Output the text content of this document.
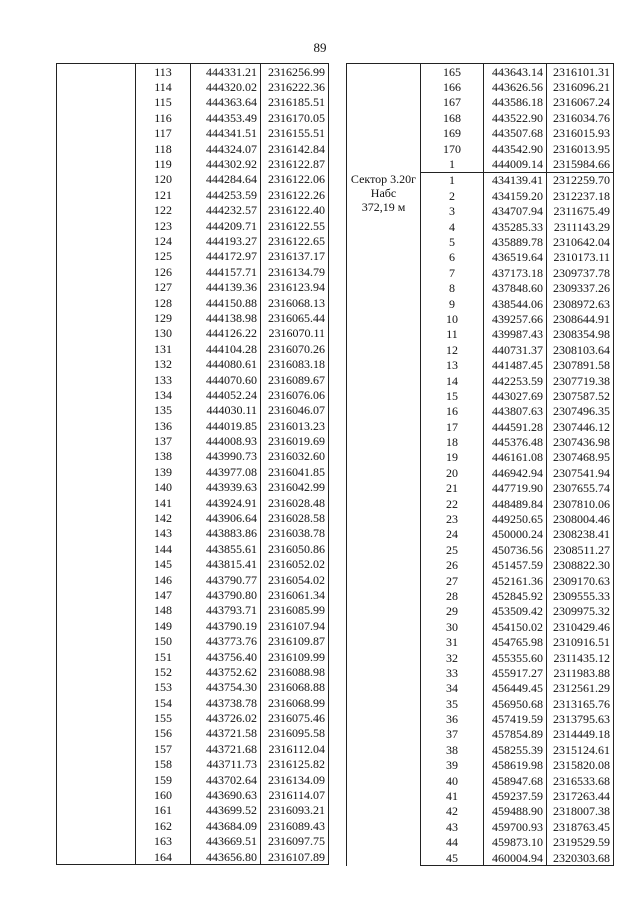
89
	113	444331.21	2316256.99
	114	444320.02	2316222.36
	115	444363.64	2316185.51
	116	444353.49	2316170.05
	117	444341.51	2316155.51
	118	444324.07	2316142.84
	119	444302.92	2316122.87
	120	444284.64	2316122.06
	121	444253.59	2316122.26
	122	444232.57	2316122.40
	123	444209.71	2316122.55
	124	444193.27	2316122.65
	125	444172.97	2316137.17
	126	444157.71	2316134.79
	127	444139.36	2316123.94
	128	444150.88	2316068.13
	129	444138.98	2316065.44
	130	444126.22	2316070.11
	131	444104.28	2316070.26
	132	444080.61	2316083.18
	133	444070.60	2316089.67
	134	444052.24	2316076.06
	135	444030.11	2316046.07
	136	444019.85	2316013.23
	137	444008.93	2316019.69
	138	443990.73	2316032.60
	139	443977.08	2316041.85
	140	443939.63	2316042.99
	141	443924.91	2316028.48
	142	443906.64	2316028.58
	143	443883.86	2316038.78
	144	443855.61	2316050.86
	145	443815.41	2316052.02
	146	443790.77	2316054.02
	147	443790.80	2316061.34
	148	443793.71	2316085.99
	149	443790.19	2316107.94
	150	443773.76	2316109.87
	151	443756.40	2316109.99
	152	443752.62	2316088.98
	153	443754.30	2316068.88
	154	443738.78	2316068.99
	155	443726.02	2316075.46
	156	443721.58	2316095.58
	157	443721.68	2316112.04
	158	443711.73	2316125.82
	159	443702.64	2316134.09
	160	443690.63	2316114.07
	161	443699.52	2316093.21
	162	443684.09	2316089.43
	163	443669.51	2316097.75
	164	443656.80	2316107.89
	165	443643.14	2316101.31
	166	443626.56	2316096.21
	167	443586.18	2316067.24
	168	443522.90	2316034.76
	169	443507.68	2316015.93
	170	443542.90	2316013.95
	1	444009.14	2315984.66

Сектор 3.20г
Набс
372,19 м	1	434139.41	2312259.70
	2	434159.20	2312237.18
	3	434707.94	2311675.49
	4	435285.33	2311143.29
	5	435889.78	2310642.04
	6	436519.64	2310173.11
	7	437173.18	2309737.78
	8	437848.60	2309337.26
	9	438544.06	2308972.63
	10	439257.66	2308644.91
	11	439987.43	2308354.98
	12	440731.37	2308103.64
	13	441487.45	2307891.58
	14	442253.59	2307719.38
	15	443027.69	2307587.52
	16	443807.63	2307496.35
	17	444591.28	2307446.12
	18	445376.48	2307436.98
	19	446161.08	2307468.95
	20	446942.94	2307541.94
	21	447719.90	2307655.74
	22	448489.84	2307810.06
	23	449250.65	2308004.46
	24	450000.24	2308238.41
	25	450736.56	2308511.27
	26	451457.59	2308822.30
	27	452161.36	2309170.63
	28	452845.92	2309555.33
	29	453509.42	2309975.32
	30	454150.02	2310429.46
	31	454765.98	2310916.51
	32	455355.60	2311435.12
	33	455917.27	2311983.88
	34	456449.45	2312561.29
	35	456950.68	2313165.76
	36	457419.59	2313795.63
	37	457854.89	2314449.18
	38	458255.39	2315124.61
	39	458619.98	2315820.08
	40	458947.68	2316533.68
	41	459237.59	2317263.44
	42	459488.90	2318007.38
	43	459700.93	2318763.45
	44	459873.10	2319529.59
	45	460004.94	2320303.68
